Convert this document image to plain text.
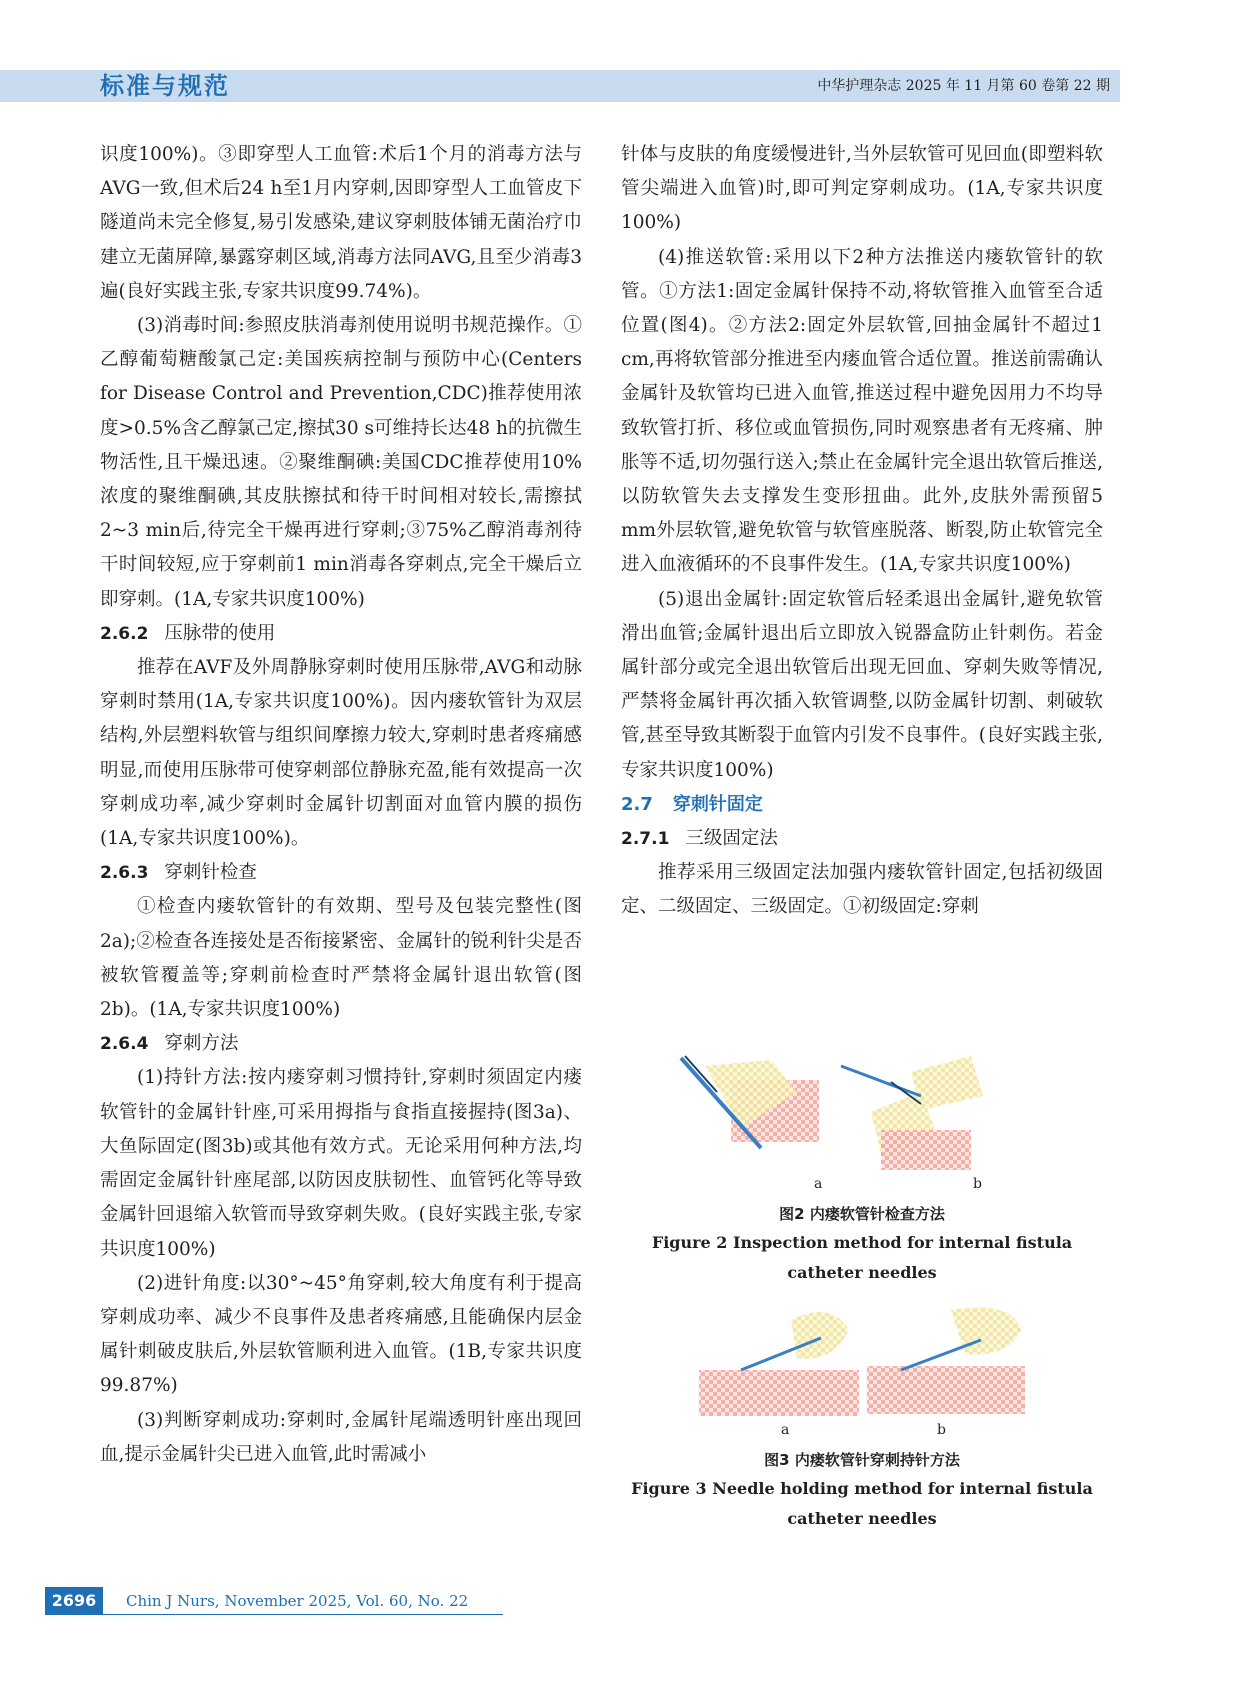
标准与规范	中华护理杂志 2025 年 11 月第 60 卷第 22 期

识度100%)。③即穿型人工血管:术后1个月的消毒方法与AVG一致,但术后24 h至1月内穿刺,因即穿型人工血管皮下隧道尚未完全修复,易引发感染,建议穿刺肢体铺无菌治疗巾建立无菌屏障,暴露穿刺区域,消毒方法同AVG,且至少消毒3遍(良好实践主张,专家共识度99.74%)。

(3)消毒时间:参照皮肤消毒剂使用说明书规范操作。①乙醇葡萄糖酸氯己定:美国疾病控制与预防中心(Centers for Disease Control and Prevention,CDC)推荐使用浓度>0.5%含乙醇氯己定,擦拭30 s可维持长达48 h的抗微生物活性,且干燥迅速。②聚维酮碘:美国CDC推荐使用10%浓度的聚维酮碘,其皮肤擦拭和待干时间相对较长,需擦拭2~3 min后,待完全干燥再进行穿刺;③75%乙醇消毒剂待干时间较短,应于穿刺前1 min消毒各穿刺点,完全干燥后立即穿刺。(1A,专家共识度100%)

2.6.2 压脉带的使用

推荐在AVF及外周静脉穿刺时使用压脉带,AVG和动脉穿刺时禁用(1A,专家共识度100%)。因内瘘软管针为双层结构,外层塑料软管与组织间摩擦力较大,穿刺时患者疼痛感明显,而使用压脉带可使穿刺部位静脉充盈,能有效提高一次穿刺成功率,减少穿刺时金属针切割面对血管内膜的损伤(1A,专家共识度100%)。

2.6.3 穿刺针检查

①检查内瘘软管针的有效期、型号及包装完整性(图2a);②检查各连接处是否衔接紧密、金属针的锐利针尖是否被软管覆盖等;穿刺前检查时严禁将金属针退出软管(图2b)。(1A,专家共识度100%)

2.6.4 穿刺方法

(1)持针方法:按内瘘穿刺习惯持针,穿刺时须固定内瘘软管针的金属针针座,可采用拇指与食指直接握持(图3a)、大鱼际固定(图3b)或其他有效方式。无论采用何种方法,均需固定金属针针座尾部,以防因皮肤韧性、血管钙化等导致金属针回退缩入软管而导致穿刺失败。(良好实践主张,专家共识度100%)

(2)进针角度:以30°~45°角穿刺,较大角度有利于提高穿刺成功率、减少不良事件及患者疼痛感,且能确保内层金属针刺破皮肤后,外层软管顺利进入血管。(1B,专家共识度99.87%)

(3)判断穿刺成功:穿刺时,金属针尾端透明针座出现回血,提示金属针尖已进入血管,此时需减小

针体与皮肤的角度缓慢进针,当外层软管可见回血(即塑料软管尖端进入血管)时,即可判定穿刺成功。(1A,专家共识度100%)

(4)推送软管:采用以下2种方法推送内瘘软管针的软管。①方法1:固定金属针保持不动,将软管推入血管至合适位置(图4)。②方法2:固定外层软管,回抽金属针不超过1 cm,再将软管部分推进至内瘘血管合适位置。推送前需确认金属针及软管均已进入血管,推送过程中避免因用力不均导致软管打折、移位或血管损伤,同时观察患者有无疼痛、肿胀等不适,切勿强行送入;禁止在金属针完全退出软管后推送,以防软管失去支撑发生变形扭曲。此外,皮肤外需预留5 mm外层软管,避免软管与软管座脱落、断裂,防止软管完全进入血液循环的不良事件发生。(1A,专家共识度100%)

(5)退出金属针:固定软管后轻柔退出金属针,避免软管滑出血管;金属针退出后立即放入锐器盒防止针刺伤。若金属针部分或完全退出软管后出现无回血、穿刺失败等情况,严禁将金属针再次插入软管调整,以防金属针切割、刺破软管,甚至导致其断裂于血管内引发不良事件。(良好实践主张,专家共识度100%)

2.7 穿刺针固定

2.7.1 三级固定法

推荐采用三级固定法加强内瘘软管针固定,包括初级固定、二级固定、三级固定。①初级固定:穿刺

a	b
图2 内瘘软管针检查方法
Figure 2 Inspection method for internal fistula catheter needles
a	b
图3 内瘘软管针穿刺持针方法
Figure 3 Needle holding method for internal fistula catheter needles
2696	Chin J Nurs, November 2025, Vol. 60, No. 22
